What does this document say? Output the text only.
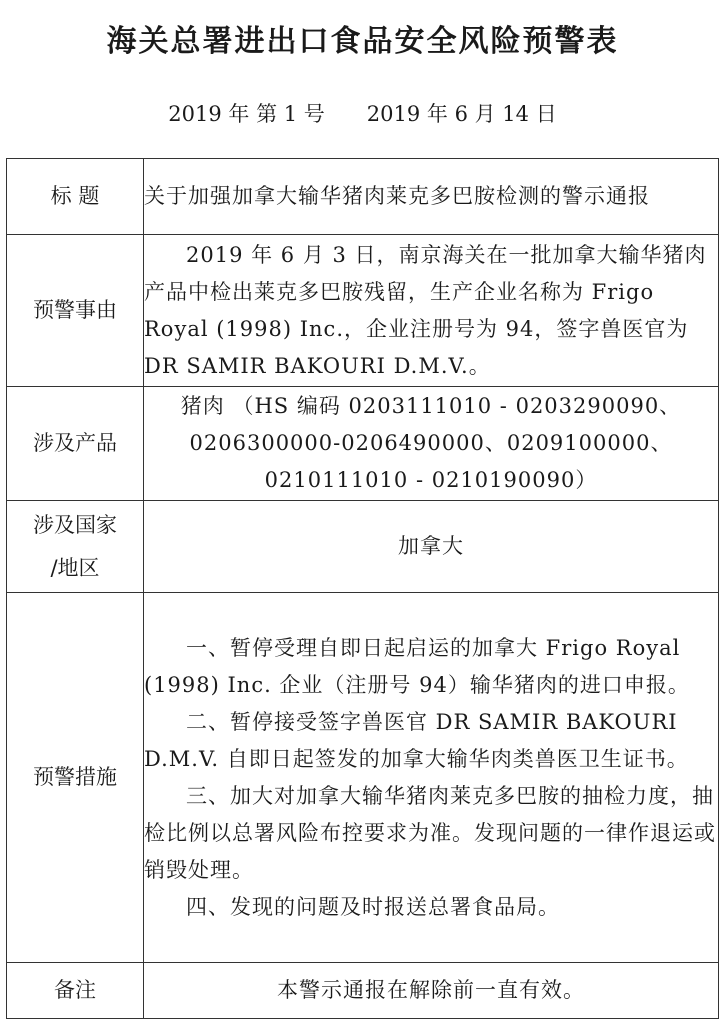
海关总署进出口食品安全风险预警表
2019 年 第 1 号 2019 年 6 月 14 日
标 题	关于加强加拿大输华猪肉莱克多巴胺检测的警示通报

预警事由	2019 年 6 月 3 日，南京海关在一批加拿大输华猪肉产品中检出莱克多巴胺残留，生产企业名称为 Frigo Royal (1998) Inc.，企业注册号为 94，签字兽医官为 DR SAMIR BAKOURI D.M.V.。

涉及产品	猪肉 （HS 编码 0203111010 - 0203290090、
0206300000-0206490000、0209100000、
0210111010 - 0210190090）

涉及国家
/地区	加拿大
预警措施	一、暂停受理自即日起启运的加拿大 Frigo Royal (1998) Inc. 企业（注册号 94）输华猪肉的进口申报。

二、暂停接受签字兽医官 DR SAMIR BAKOURI D.M.V. 自即日起签发的加拿大输华肉类兽医卫生证书。

三、加大对加拿大输华猪肉莱克多巴胺的抽检力度，抽检比例以总署风险布控要求为准。发现问题的一律作退运或销毁处理。

四、发现的问题及时报送总署食品局。

备注	本警示通报在解除前一直有效。
